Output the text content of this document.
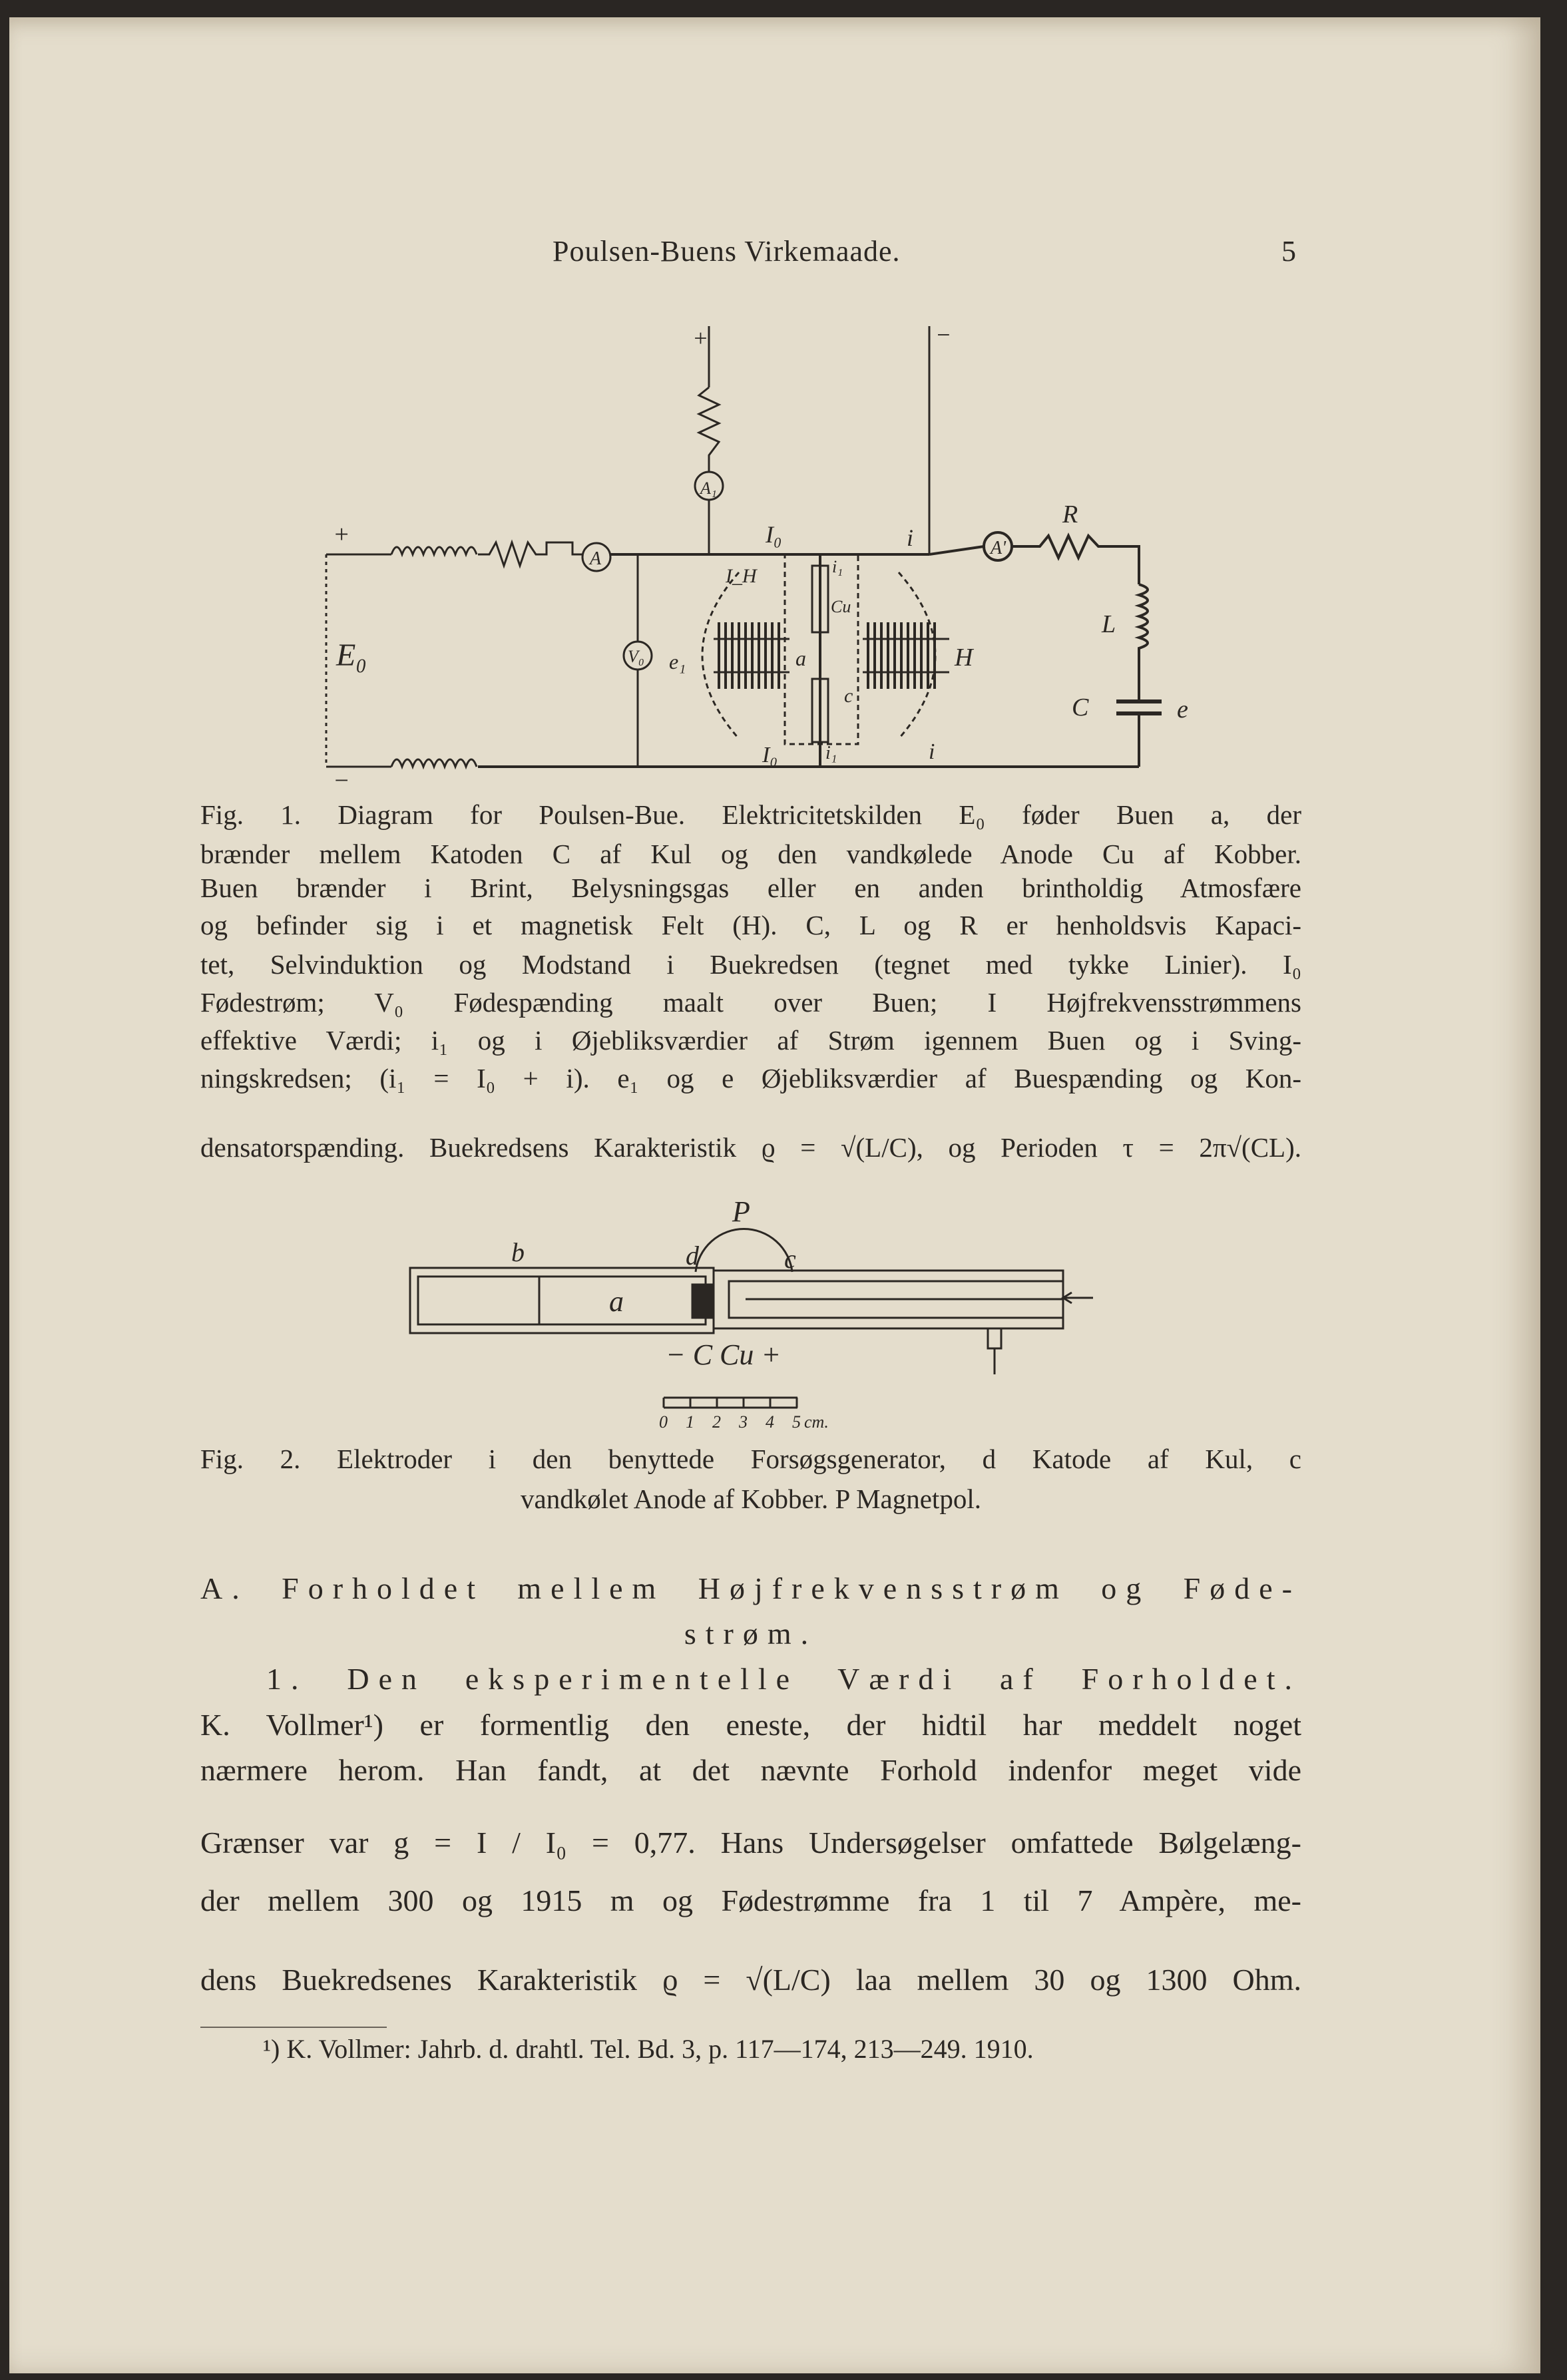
Poulsen-Buens Virkemaade.	5
+
−
E₀
+	−
A
A₁
A'
V₀
R
L
C	e
H
I₀	i
I_H
e₁	a
Cu
c
i₁
I₀	i₁	i
P
b	d	c
a
− C Cu +
0 1 2 3 4 5 cm.
Fig. 1. Diagram for Poulsen-Bue. Elektricitetskilden E₀ føder Buen a, der
brænder mellem Katoden C af Kul og den vandkølede Anode Cu af Kobber.
Buen brænder i Brint, Belysningsgas eller en anden brintholdig Atmosfære
og befinder sig i et magnetisk Felt (H). C, L og R er henholdsvis Kapaci-
tet, Selvinduktion og Modstand i Buekredsen (tegnet med tykke Linier). I₀
Fødestrøm; V₀ Fødespænding maalt over Buen; I Højfrekvensstrømmens
effektive Værdi; i₁ og i Øjebliksværdier af Strøm igennem Buen og i Sving-
ningskredsen; (i₁ = I₀ + i). e₁ og e Øjebliksværdier af Buespænding og Kon-
densatorspænding. Buekredsens Karakteristik ϱ = √(L/C), og Perioden τ = 2π√(CL).
Fig. 2. Elektroder i den benyttede Forsøgsgenerator, d Katode af Kul, c
vandkølet Anode af Kobber. P Magnetpol.
A. Forholdet mellem Højfrekvensstrøm og Føde-
strøm.
1. Den eksperimentelle Værdi af Forholdet.
K. Vollmer¹) er formentlig den eneste, der hidtil har meddelt noget
nærmere herom. Han fandt, at det nævnte Forhold indenfor meget vide
Grænser var g = I / I₀ = 0,77. Hans Undersøgelser omfattede Bølgelæng-
der mellem 300 og 1915 m og Fødestrømme fra 1 til 7 Ampère, me-
dens Buekredsenes Karakteristik ϱ = √(L/C) laa mellem 30 og 1300 Ohm.
¹) K. Vollmer: Jahrb. d. drahtl. Tel. Bd. 3, p. 117—174, 213—249. 1910.
